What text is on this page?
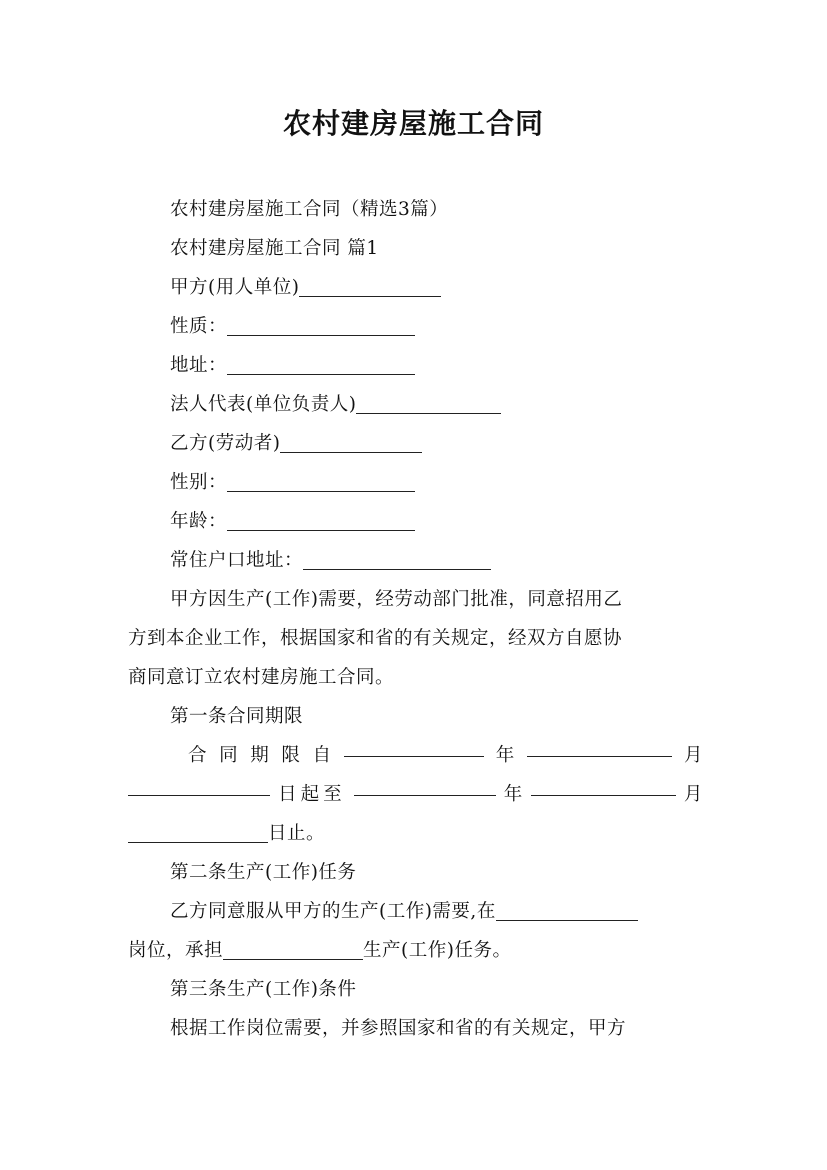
农村建房屋施工合同
农村建房屋施工合同（精选3篇）
农村建房屋施工合同 篇1
甲方(用人单位)
性质：
地址：
法人代表(单位负责人)
乙方(劳动者)
性别：
年龄：
常住户口地址：
甲方因生产(工作)需要，经劳动部门批准，同意招用乙
方到本企业工作，根据国家和省的有关规定，经双方自愿协
商同意订立农村建房施工合同。
第一条合同期限
合 同 期 限 自	年	月
日起至	年	月
日止。
第二条生产(工作)任务
乙方同意服从甲方的生产(工作)需要,在
岗位，承担	生产(工作)任务。
第三条生产(工作)条件
根据工作岗位需要，并参照国家和省的有关规定，甲方
